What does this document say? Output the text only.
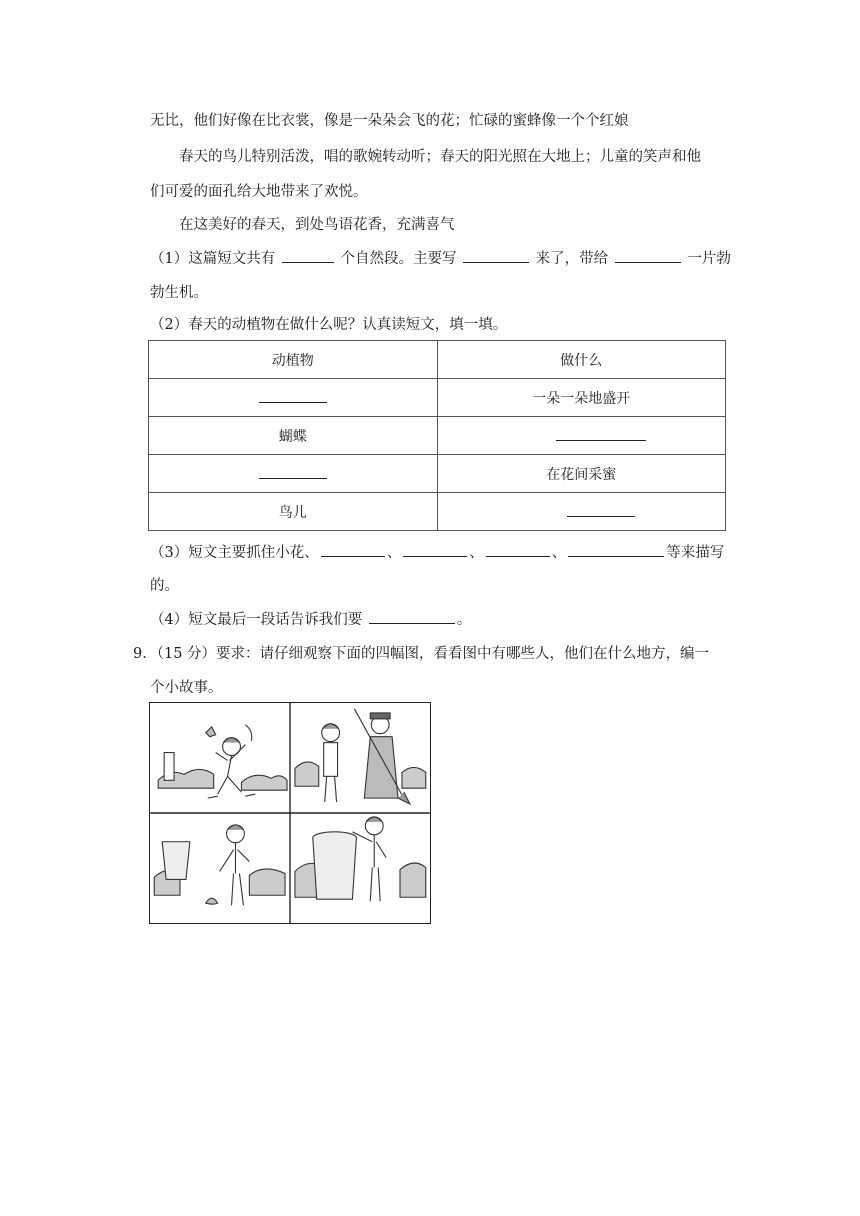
无比，他们好像在比衣裳，像是一朵朵会飞的花；忙碌的蜜蜂像一个个红娘
春天的鸟儿特别活泼，唱的歌婉转动听；春天的阳光照在大地上；儿童的笑声和他
们可爱的面孔给大地带来了欢悦。
在这美好的春天，到处鸟语花香，充满喜气
（1）这篇短文共有	个自然段。主要写	来了，带给	一片勃
勃生机。
（2）春天的动植物在做什么呢？认真读短文，填一填。
动植物	做什么
	一朵一朵地盛开
蝴蝶	
	在花间采蜜
鸟儿	
（3）短文主要抓住小花、	、	、	、	等来描写
的。
（4）短文最后一段话告诉我们要	。
9．（15 分）要求：请仔细观察下面的四幅图，看看图中有哪些人，他们在什么地方，编一
个小故事。
